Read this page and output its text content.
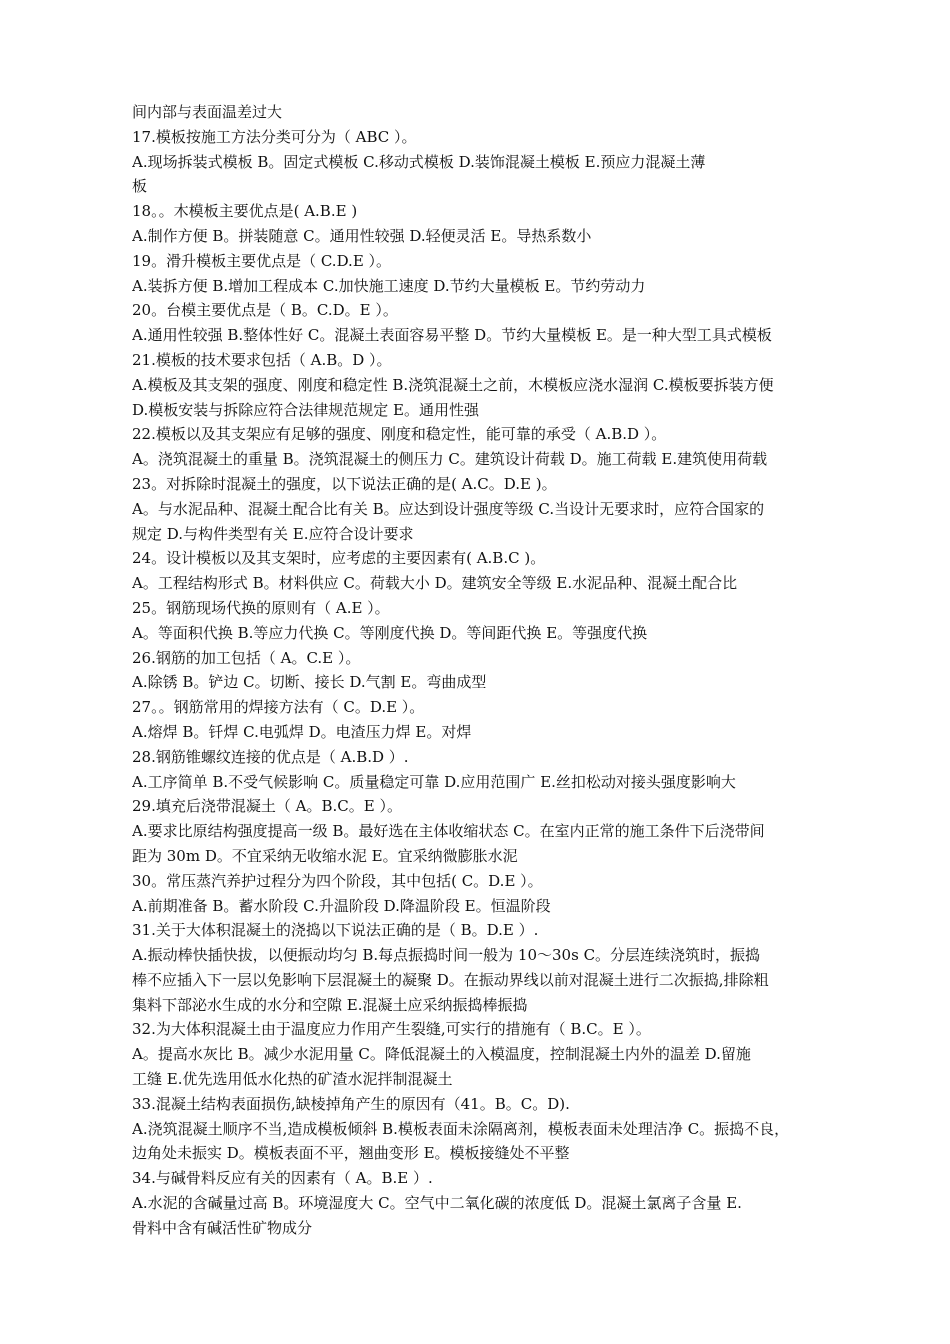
间内部与表面温差过大
17.模板按施工方法分类可分为（ ABC ）。
A.现场拆装式模板 B。固定式模板 C.移动式模板 D.装饰混凝土模板 E.预应力混凝土薄
板
18。。木模板主要优点是( A.B.E )
A.制作方便 B。拼装随意 C。通用性较强 D.轻便灵活 E。导热系数小
19。滑升模板主要优点是（ C.D.E ）。
A.装拆方便 B.增加工程成本 C.加快施工速度 D.节约大量模板 E。节约劳动力
20。台模主要优点是（ B。C.D。E ）。
A.通用性较强 B.整体性好 C。混凝土表面容易平整 D。节约大量模板 E。是一种大型工具式模板
21.模板的技术要求包括（ A.B。D ）。
A.模板及其支架的强度、刚度和稳定性 B.浇筑混凝土之前，木模板应浇水湿润 C.模板要拆装方便
D.模板安装与拆除应符合法律规范规定 E。通用性强
22.模板以及其支架应有足够的强度、刚度和稳定性，能可靠的承受（ A.B.D ）。
A。浇筑混凝土的重量 B。浇筑混凝土的侧压力 C。建筑设计荷载 D。施工荷载 E.建筑使用荷载
23。对拆除时混凝土的强度，以下说法正确的是( A.C。D.E )。
A。与水泥品种、混凝土配合比有关 B。应达到设计强度等级 C.当设计无要求时，应符合国家的
规定 D.与构件类型有关 E.应符合设计要求
24。设计模板以及其支架时，应考虑的主要因素有( A.B.C )。
A。工程结构形式 B。材料供应 C。荷载大小 D。建筑安全等级 E.水泥品种、混凝土配合比
25。钢筋现场代换的原则有（ A.E ）。
A。等面积代换 B.等应力代换 C。等刚度代换 D。等间距代换 E。等强度代换
26.钢筋的加工包括（ A。C.E ）。
A.除锈 B。铲边 C。切断、接长 D.气割 E。弯曲成型
27。。钢筋常用的焊接方法有（ C。D.E ）。
A.熔焊 B。钎焊 C.电弧焊 D。电渣压力焊 E。对焊
28.钢筋锥螺纹连接的优点是（ A.B.D ）.
A.工序简单 B.不受气候影响 C。质量稳定可靠 D.应用范围广 E.丝扣松动对接头强度影响大
29.填充后浇带混凝土（ A。B.C。E ）。
A.要求比原结构强度提高一级 B。最好选在主体收缩状态 C。在室内正常的施工条件下后浇带间
距为 30m D。不宜采纳无收缩水泥 E。宜采纳微膨胀水泥
30。常压蒸汽养护过程分为四个阶段，其中包括( C。D.E ）。
A.前期准备 B。蓄水阶段 C.升温阶段 D.降温阶段 E。恒温阶段
31.关于大体积混凝土的浇捣以下说法正确的是（ B。D.E ）.
A.振动棒快插快拔，以便振动均匀 B.每点振捣时间一般为 10～30s C。分层连续浇筑时，振捣
棒不应插入下一层以免影响下层混凝土的凝聚 D。在振动界线以前对混凝土进行二次振捣,排除粗
集料下部泌水生成的水分和空隙 E.混凝土应采纳振捣棒振捣
32.为大体积混凝土由于温度应力作用产生裂缝,可实行的措施有（ B.C。E ）。
A。提高水灰比 B。减少水泥用量 C。降低混凝土的入模温度，控制混凝土内外的温差 D.留施
工缝 E.优先选用低水化热的矿渣水泥拌制混凝土
33.混凝土结构表面损伤,缺棱掉角产生的原因有（41。B。C。D).
A.浇筑混凝土顺序不当,造成模板倾斜 B.模板表面未涂隔离剂，模板表面未处理洁净 C。振捣不良，
边角处未振实 D。模板表面不平，翘曲变形 E。模板接缝处不平整
34.与碱骨料反应有关的因素有（ A。B.E ）.
A.水泥的含碱量过高 B。环境湿度大 C。空气中二氧化碳的浓度低 D。混凝土氯离子含量 E.
骨料中含有碱活性矿物成分
